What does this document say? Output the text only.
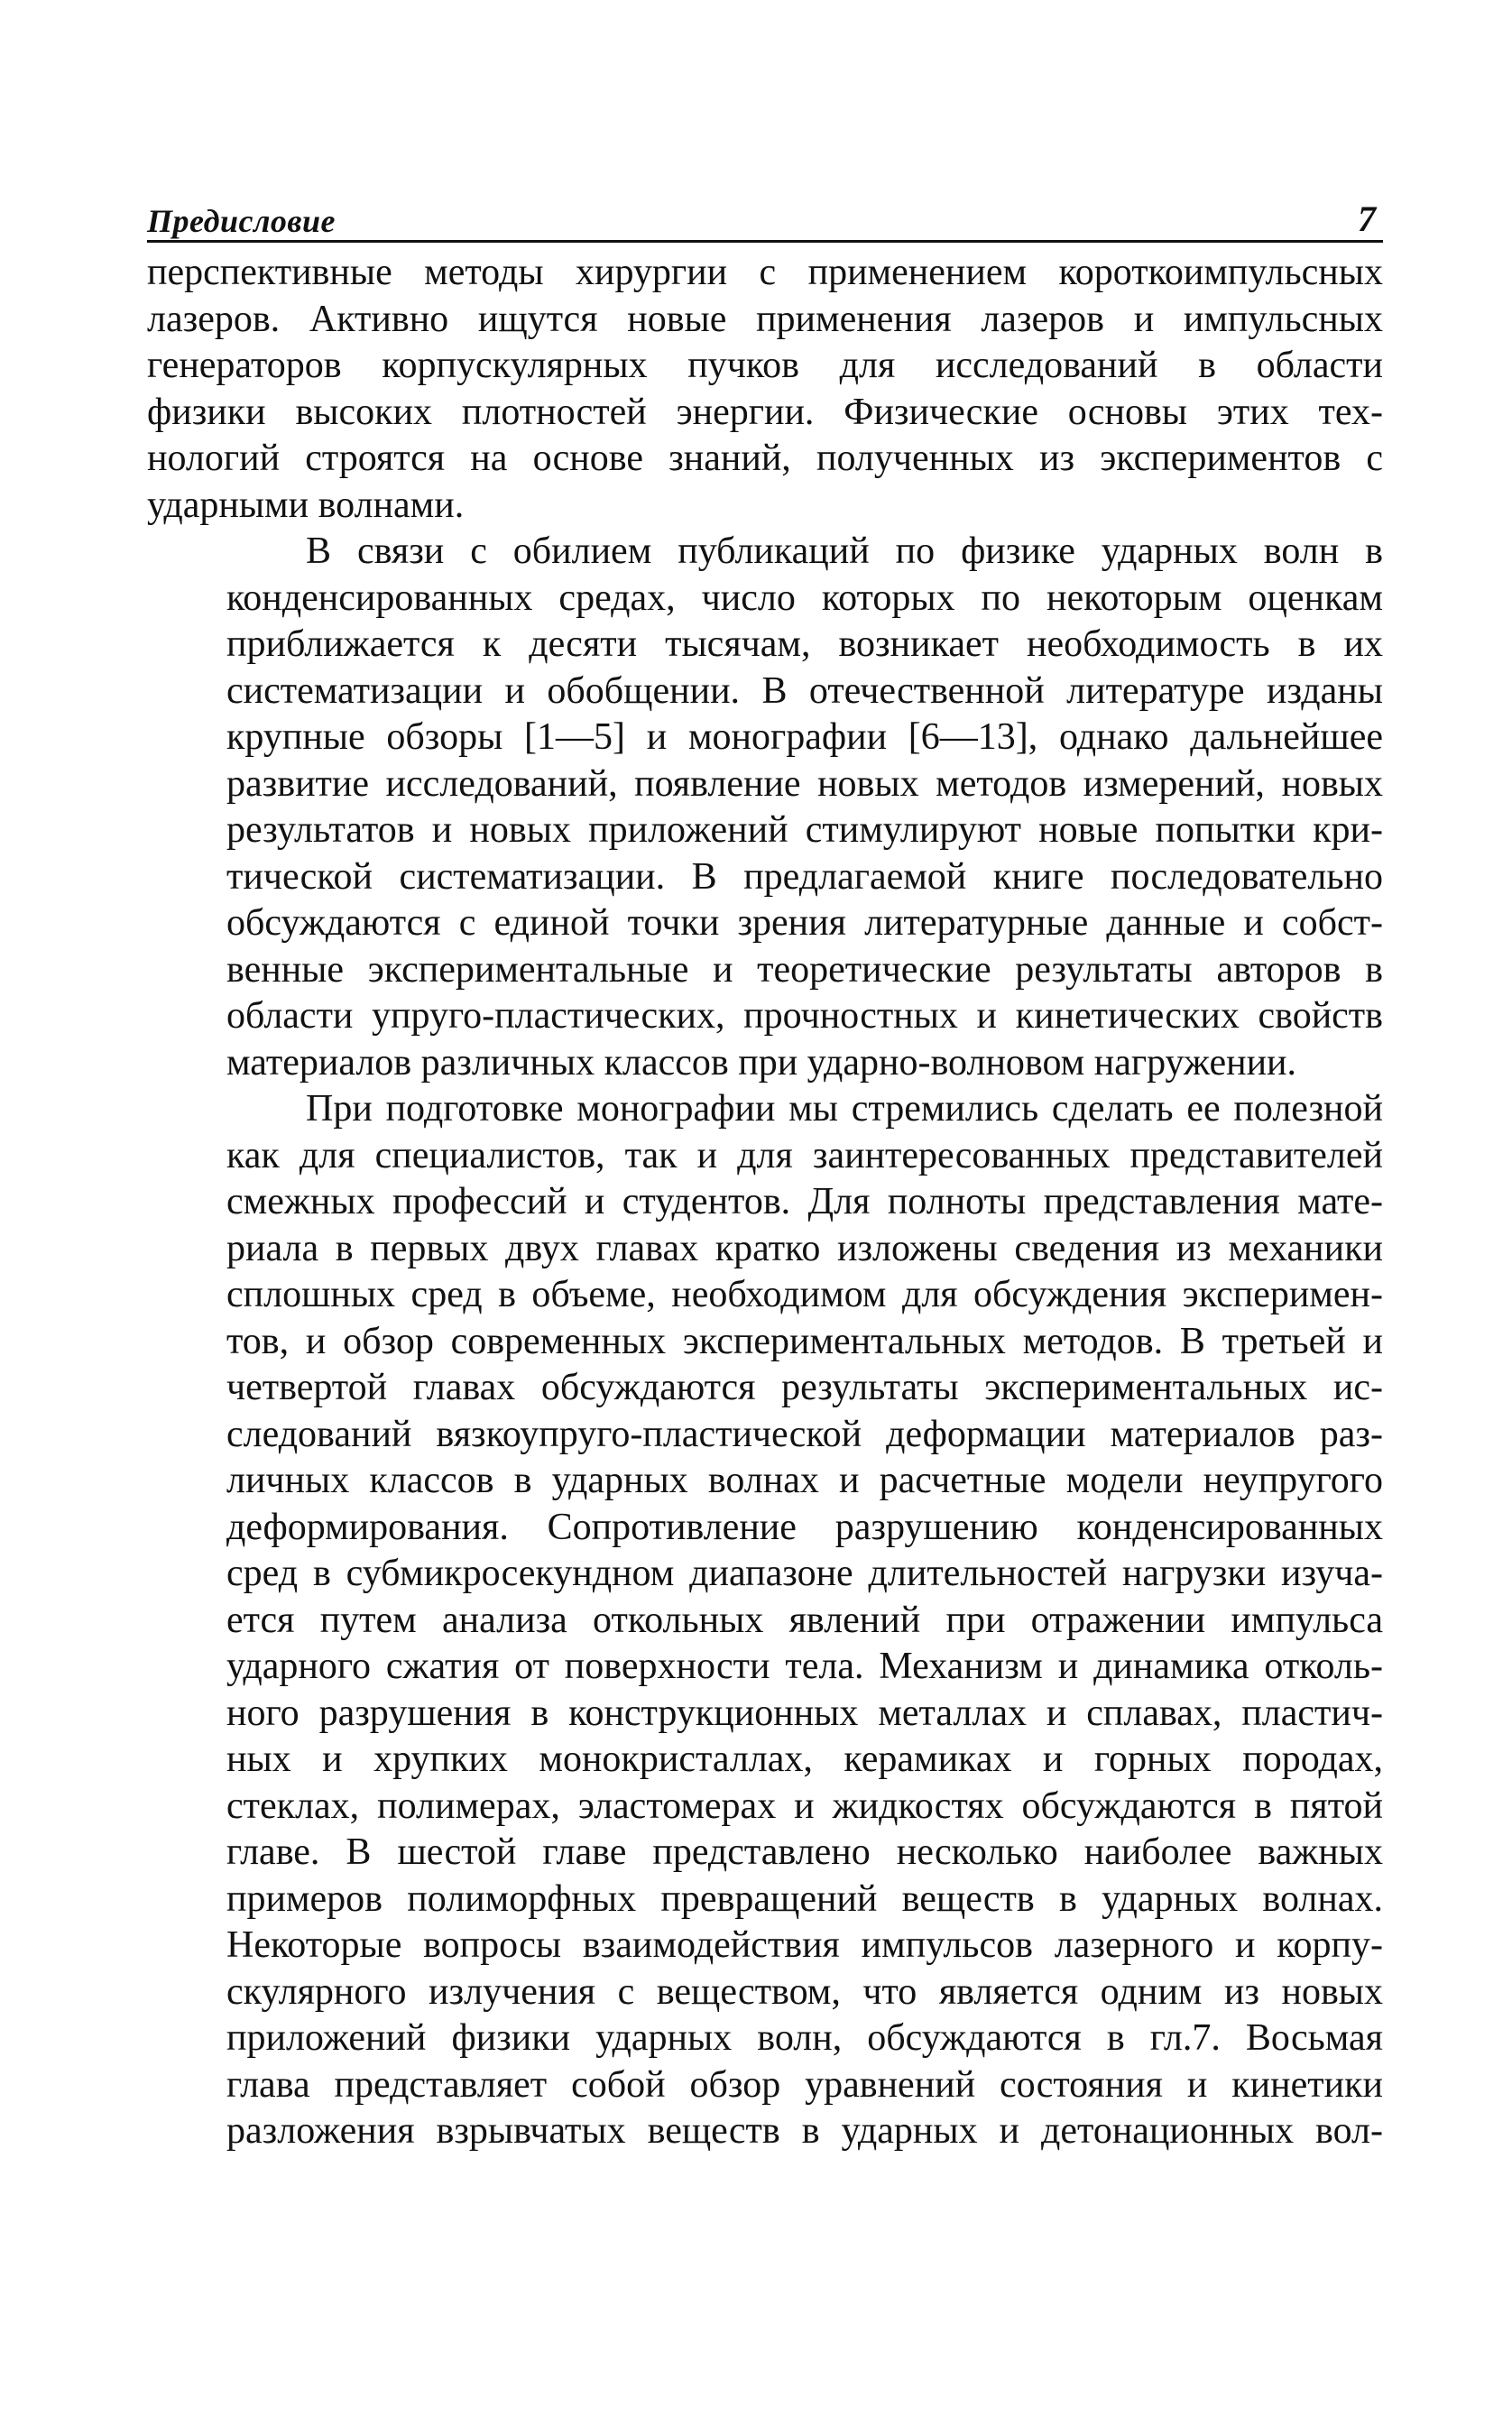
Предисловие	7
перспективные методы хирургии с применением короткоимпульсных
лазеров. Активно ищутся новые применения лазеров и импульсных
генераторов корпускулярных пучков для исследований в области
физики высоких плотностей энергии. Физические основы этих тех-
нологий строятся на основе знаний, полученных из экспериментов с
ударными волнами.
В связи с обилием публикаций по физике ударных волн в
конденсированных средах, число которых по некоторым оценкам
приближается к десяти тысячам, возникает необходимость в их
систематизации и обобщении. В отечественной литературе изданы
крупные обзоры [1—5] и монографии [6—13], однако дальнейшее
развитие исследований, появление новых методов измерений, новых
результатов и новых приложений стимулируют новые попытки кри-
тической систематизации. В предлагаемой книге последовательно
обсуждаются с единой точки зрения литературные данные и собст-
венные экспериментальные и теоретические результаты авторов в
области упруго-пластических, прочностных и кинетических свойств
материалов различных классов при ударно-волновом нагружении.
При подготовке монографии мы стремились сделать ее полезной
как для специалистов, так и для заинтересованных представителей
смежных профессий и студентов. Для полноты представления мате-
риала в первых двух главах кратко изложены сведения из механики
сплошных сред в объеме, необходимом для обсуждения эксперимен-
тов, и обзор современных экспериментальных методов. В третьей и
четвертой главах обсуждаются результаты экспериментальных ис-
следований вязкоупруго-пластической деформации материалов раз-
личных классов в ударных волнах и расчетные модели неупругого
деформирования. Сопротивление разрушению конденсированных
сред в субмикросекундном диапазоне длительностей нагрузки изуча-
ется путем анализа откольных явлений при отражении импульса
ударного сжатия от поверхности тела. Механизм и динамика отколь-
ного разрушения в конструкционных металлах и сплавах, пластич-
ных и хрупких монокристаллах, керамиках и горных породах,
стеклах, полимерах, эластомерах и жидкостях обсуждаются в пятой
главе. В шестой главе представлено несколько наиболее важных
примеров полиморфных превращений веществ в ударных волнах.
Некоторые вопросы взаимодействия импульсов лазерного и корпу-
скулярного излучения с веществом, что является одним из новых
приложений физики ударных волн, обсуждаются в гл.7. Восьмая
глава представляет собой обзор уравнений состояния и кинетики
разложения взрывчатых веществ в ударных и детонационных вол-
